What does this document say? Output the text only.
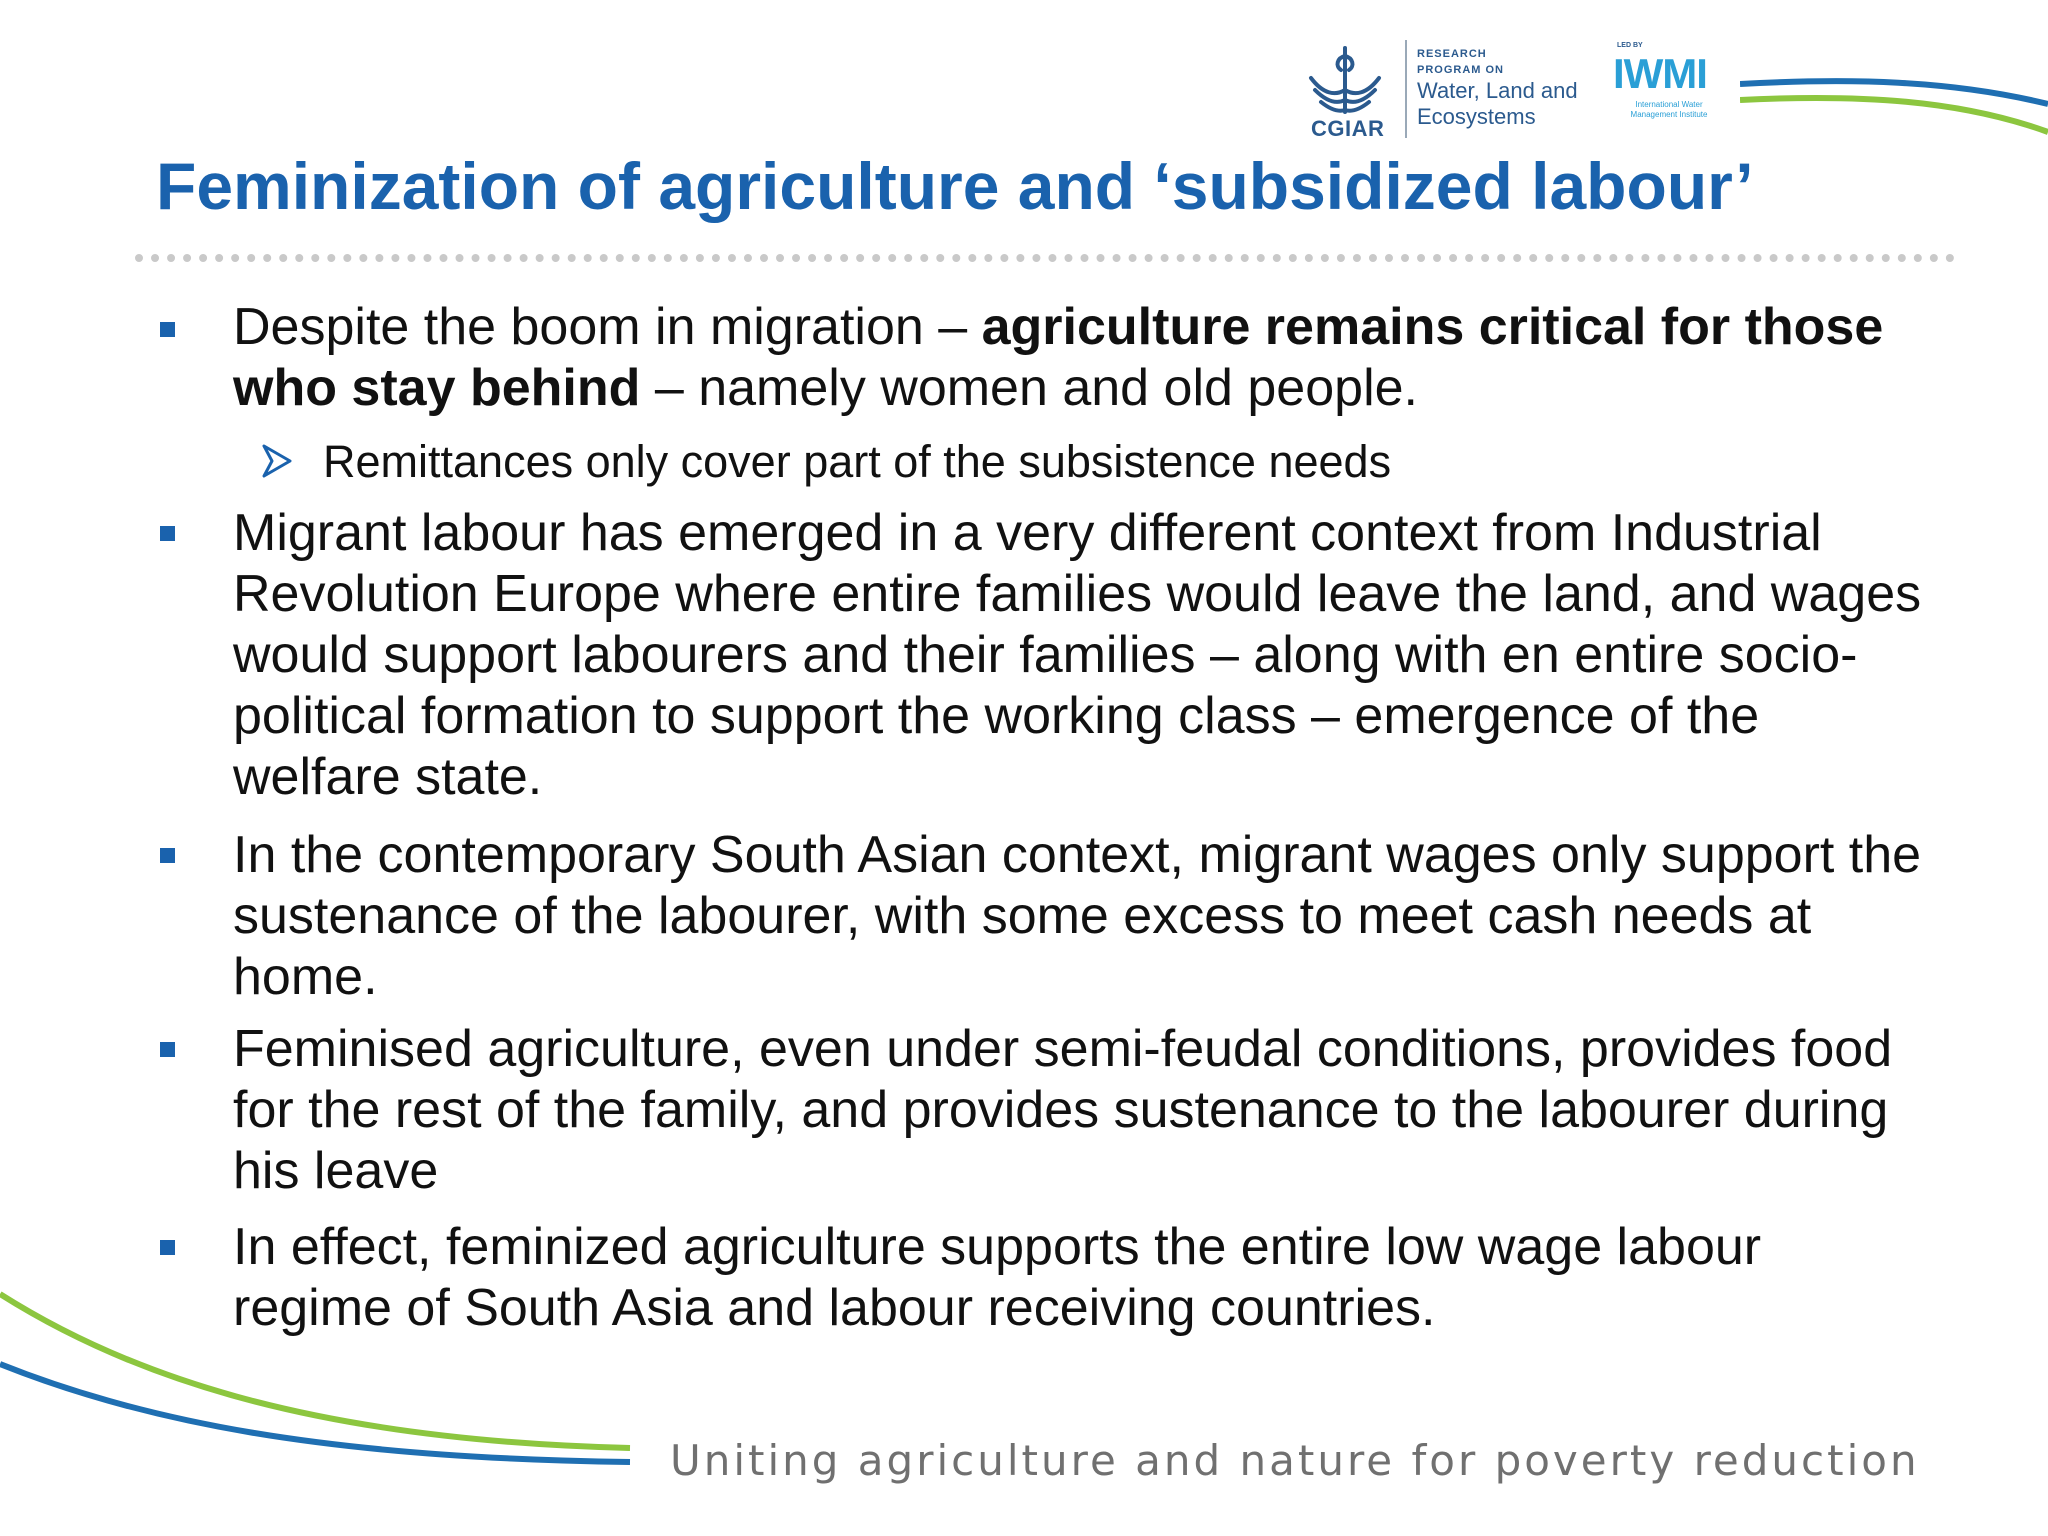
CGIAR
RESEARCH
PROGRAM ON
Water, Land and
Ecosystems
LED BY
IWMI
International Water Management Institute
Feminization of agriculture and ‘subsidized labour’

Despite the boom in migration – agriculture remains critical for those who stay behind – namely women and old people.

Remittances only cover part of the subsistence needs

Migrant labour has emerged in a very different context from Industrial Revolution Europe where entire families would leave the land, and wages would support labourers and their families – along with en entire socio-political formation to support the working class – emergence of the welfare state.

In the contemporary South Asian context, migrant wages only support the sustenance of the labourer, with some excess to meet cash needs at home.

Feminised agriculture, even under semi-feudal conditions, provides food for the rest of the family, and provides sustenance to the labourer during his leave

In effect, feminized agriculture supports the entire low wage labour regime of South Asia and labour receiving countries.

Uniting agriculture and nature for poverty reduction
